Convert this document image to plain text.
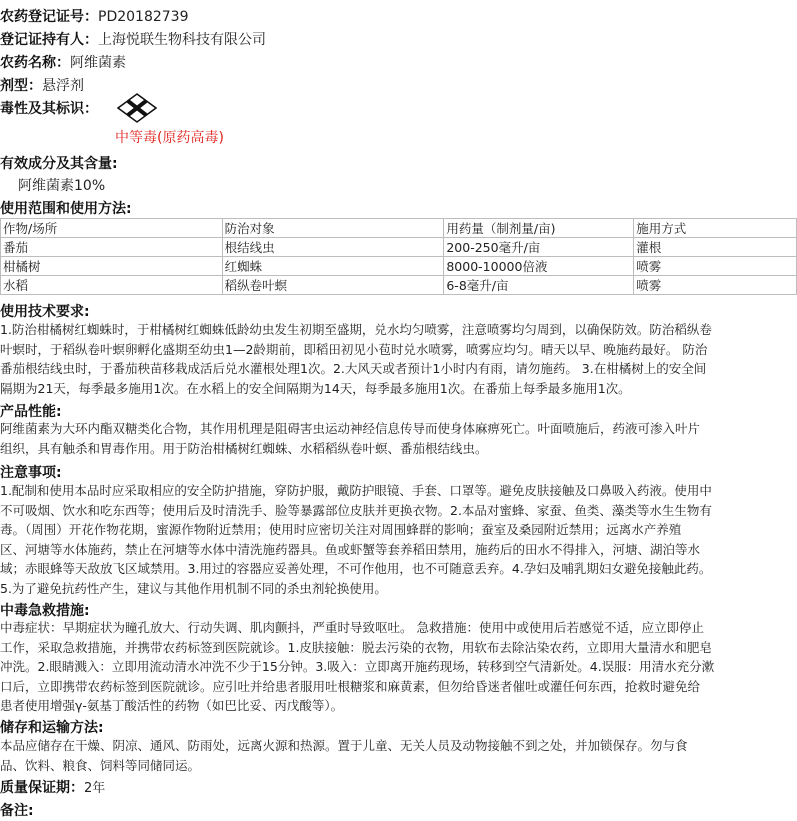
农药登记证号：PD20182739
登记证持有人：上海悦联生物科技有限公司
农药名称：阿维菌素
剂型：悬浮剂
毒性及其标识：
中等毒(原药高毒)
有效成分及其含量:
阿维菌素10%
使用范围和使用方法:
作物/场所	防治对象	用药量（制剂量/亩)	施用方式
番茄	根结线虫	200-250毫升/亩	灌根
柑橘树	红蜘蛛	8000-10000倍液	喷雾
水稻	稻纵卷叶螟	6-8毫升/亩	喷雾
使用技术要求:
1.防治柑橘树红蜘蛛时，于柑橘树红蜘蛛低龄幼虫发生初期至盛期，兑水均匀喷雾，注意喷雾均匀周到，以确保防效。防治稻纵卷
叶螟时，于稻纵卷叶螟卵孵化盛期至幼虫1—2龄期前，即稻田初见小苞时兑水喷雾，喷雾应均匀。晴天以早、晚施药最好。 防治
番茄根结线虫时，于番茄秧苗移栽成活后兑水灌根处理1次。2.大风天或者预计1小时内有雨，请勿施药。 3.在柑橘树上的安全间
隔期为21天，每季最多施用1次。在水稻上的安全间隔期为14天，每季最多施用1次。在番茄上每季最多施用1次。
产品性能:
阿维菌素为大环内酯双糖类化合物，其作用机理是阻碍害虫运动神经信息传导而使身体麻痹死亡。叶面喷施后，药液可渗入叶片
组织，具有触杀和胃毒作用。用于防治柑橘树红蜘蛛、水稻稻纵卷叶螟、番茄根结线虫。
注意事项:
1.配制和使用本品时应采取相应的安全防护措施，穿防护服，戴防护眼镜、手套、口罩等。避免皮肤接触及口鼻吸入药液。使用中
不可吸烟、饮水和吃东西等；使用后及时清洗手、脸等暴露部位皮肤并更换衣物。2.本品对蜜蜂、家蚕、鱼类、藻类等水生生物有
毒。（周围）开花作物花期，蜜源作物附近禁用；使用时应密切关注对周围蜂群的影响；蚕室及桑园附近禁用；远离水产养殖
区、河塘等水体施药，禁止在河塘等水体中清洗施药器具。鱼或虾蟹等套养稻田禁用，施药后的田水不得排入，河塘、湖泊等水
域；赤眼蜂等天敌放飞区域禁用。3.用过的容器应妥善处理，不可作他用，也不可随意丢弃。4.孕妇及哺乳期妇女避免接触此药。
5.为了避免抗药性产生，建议与其他作用机制不同的杀虫剂轮换使用。
中毒急救措施:
中毒症状：早期症状为瞳孔放大、行动失调、肌肉颤抖，严重时导致呕吐。 急救措施：使用中或使用后若感觉不适，应立即停止
工作，采取急救措施，并携带农药标签到医院就诊。1.皮肤接触：脱去污染的衣物，用软布去除沾染农药，立即用大量清水和肥皂
冲洗。2.眼睛溅入：立即用流动清水冲洗不少于15分钟。3.吸入：立即离开施药现场，转移到空气清新处。4.误服：用清水充分漱
口后，立即携带农药标签到医院就诊。应引吐并给患者服用吐根糖浆和麻黄素，但勿给昏迷者催吐或灌任何东西，抢救时避免给
患者使用增强γ-氨基丁酸活性的药物（如巴比妥、丙戊酸等）。
储存和运输方法:
本品应储存在干燥、阴凉、通风、防雨处，远离火源和热源。置于儿童、无关人员及动物接触不到之处，并加锁保存。勿与食
品、饮料、粮食、饲料等同储同运。
质量保证期：2年
备注:
